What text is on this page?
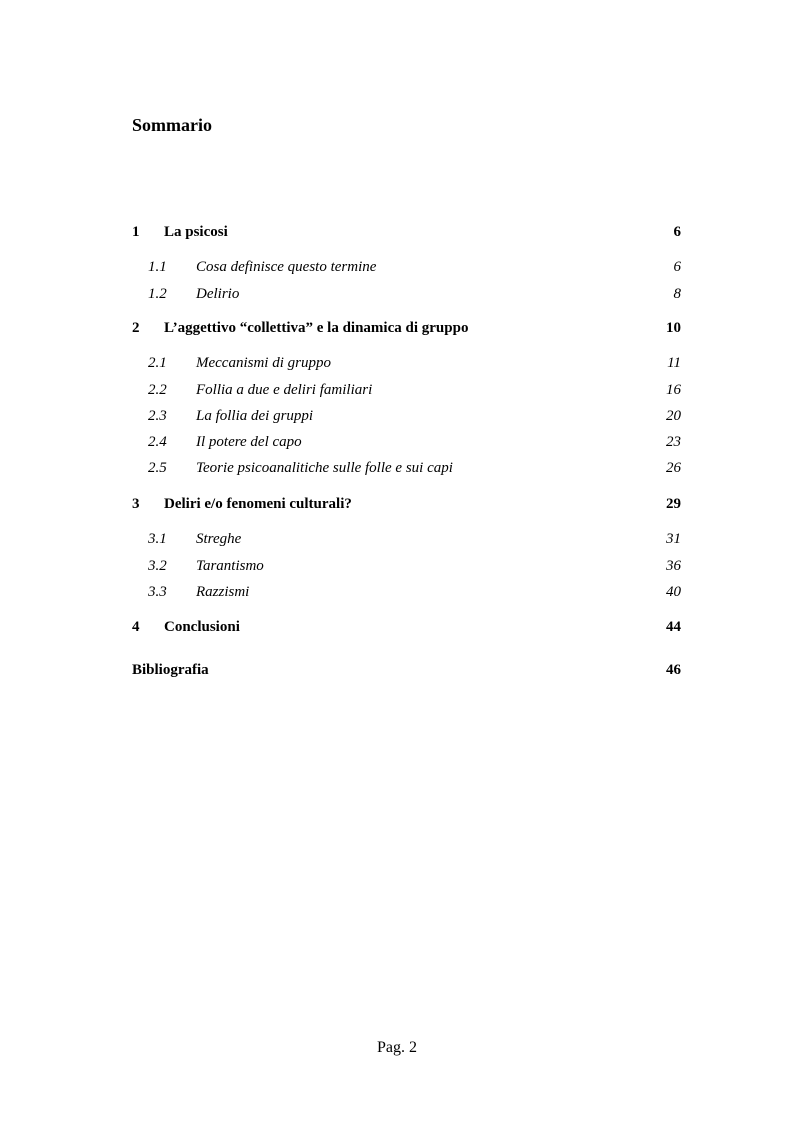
Sommario
1 La psicosi	6
1.1 Cosa definisce questo termine	6
1.2 Delirio	8
2 L’aggettivo “collettiva” e la dinamica di gruppo	10
2.1 Meccanismi di gruppo	11
2.2 Follia a due e deliri familiari	16
2.3 La follia dei gruppi	20
2.4 Il potere del capo	23
2.5 Teorie psicoanalitiche sulle folle e sui capi	26
3 Deliri e/o fenomeni culturali?	29
3.1 Streghe	31
3.2 Tarantismo	36
3.3 Razzismi	40
4 Conclusioni	44
Bibliografia	46
Pag. 2
